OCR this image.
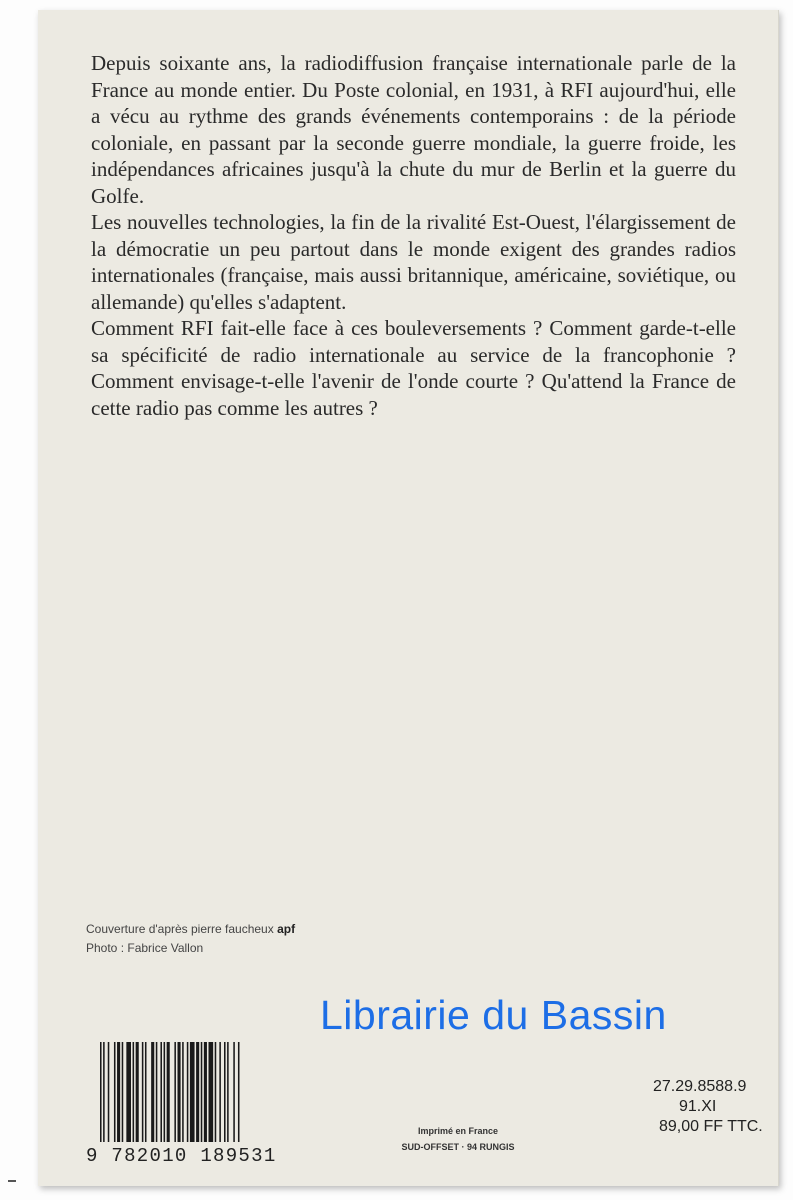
Depuis soixante ans, la radiodiffusion française internationale parle de la France au monde entier. Du Poste colonial, en 1931, à RFI aujourd'hui, elle a vécu au rythme des grands événements contemporains : de la période coloniale, en passant par la seconde guerre mondiale, la guerre froide, les indépendances africaines jusqu'à la chute du mur de Berlin et la guerre du Golfe.

Les nouvelles technologies, la fin de la rivalité Est-Ouest, l'élargissement de la démocratie un peu partout dans le monde exigent des grandes radios internationales (française, mais aussi britannique, américaine, soviétique, ou allemande) qu'elles s'adaptent.

Comment RFI fait-elle face à ces bouleversements ? Comment garde-t-elle sa spécificité de radio internationale au service de la francophonie ? Comment envisage-t-elle l'avenir de l'onde courte ? Qu'attend la France de cette radio pas comme les autres ?

Couverture d'après pierre faucheux apf
Photo : Fabrice Vallon
9 782010 189531
Imprimé en France
SUD-OFFSET · 94 RUNGIS
27.29.8588.9
91.XI
89,00 FF TTC.
Librairie du Bassin
